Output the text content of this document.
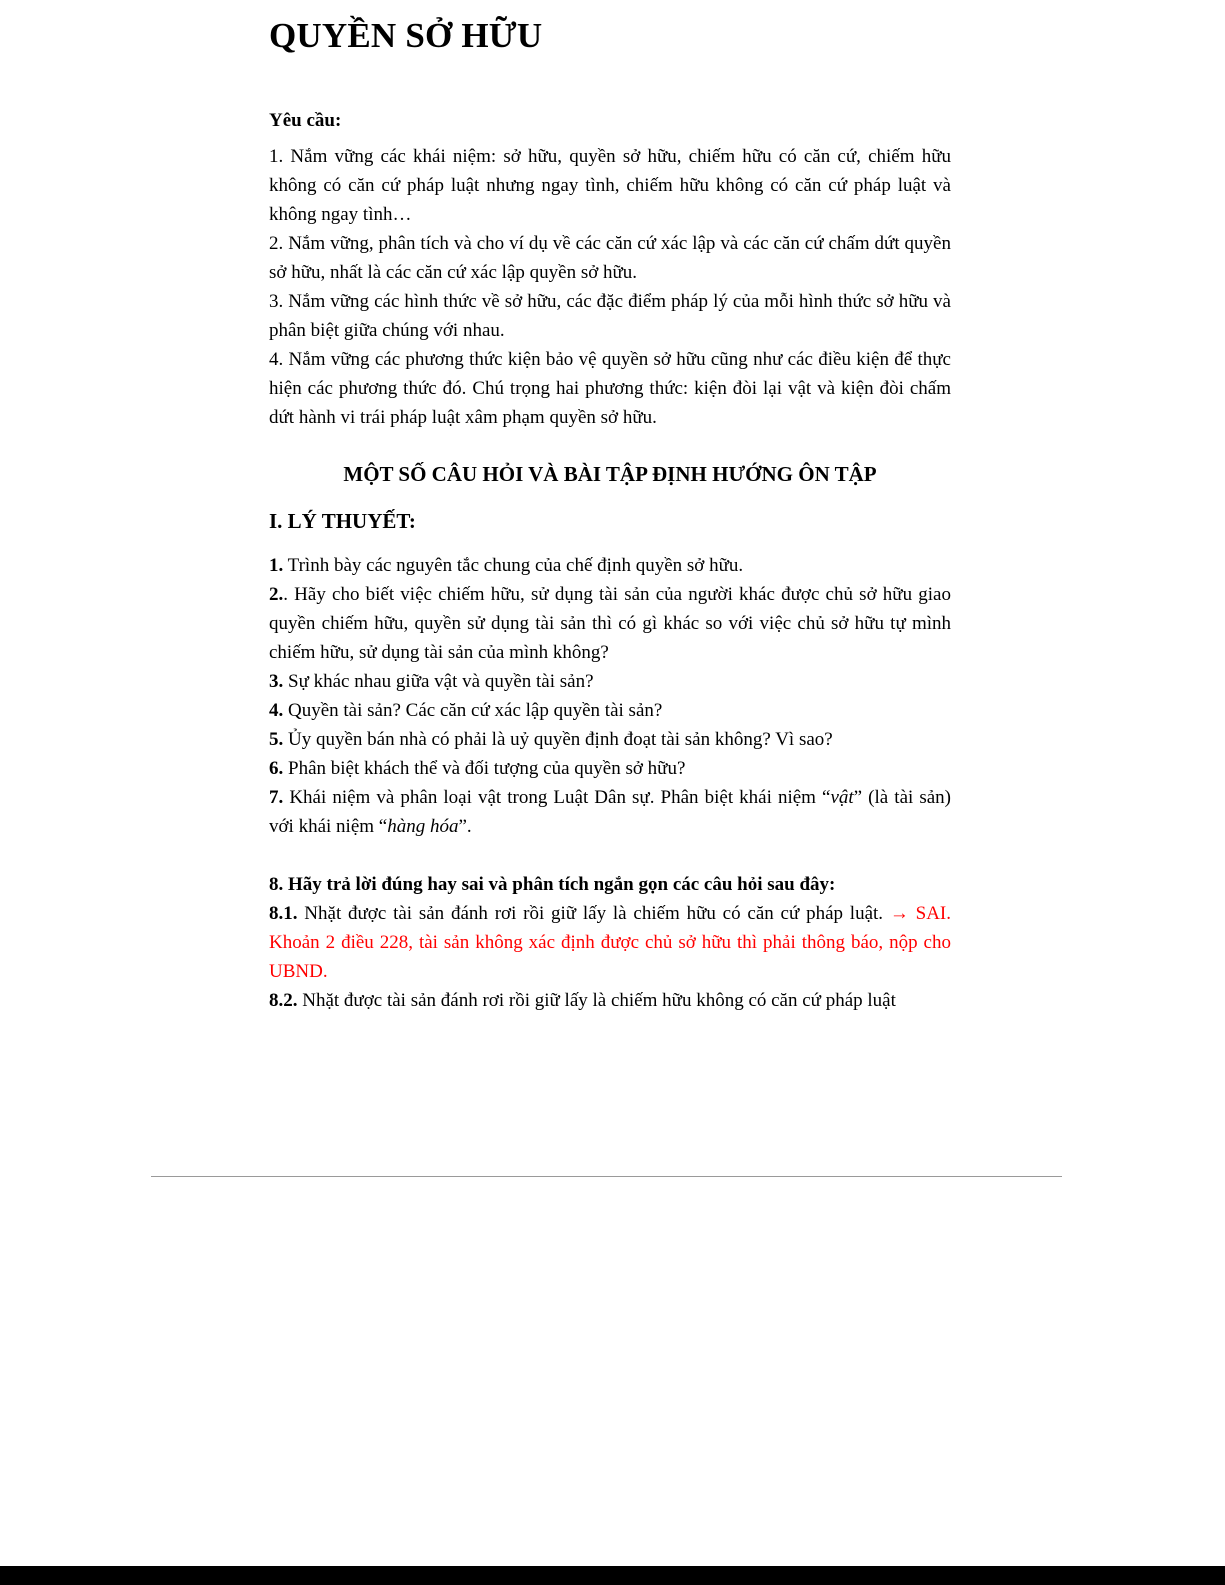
QUYỀN SỞ HỮU
Yêu cầu:

1. Nắm vững các khái niệm: sở hữu, quyền sở hữu, chiếm hữu có căn cứ, chiếm hữu không có căn cứ pháp luật nhưng ngay tình, chiếm hữu không có căn cứ pháp luật và không ngay tình…

2. Nắm vững, phân tích và cho ví dụ về các căn cứ xác lập và các căn cứ chấm dứt quyền sở hữu, nhất là các căn cứ xác lập quyền sở hữu.

3. Nắm vững các hình thức về sở hữu, các đặc điểm pháp lý của mỗi hình thức sở hữu và phân biệt giữa chúng với nhau.

4. Nắm vững các phương thức kiện bảo vệ quyền sở hữu cũng như các điều kiện để thực hiện các phương thức đó. Chú trọng hai phương thức: kiện đòi lại vật và kiện đòi chấm dứt hành vi trái pháp luật xâm phạm quyền sở hữu.

MỘT SỐ CÂU HỎI VÀ BÀI TẬP ĐỊNH HƯỚNG ÔN TẬP
I. LÝ THUYẾT:

1. Trình bày các nguyên tắc chung của chế định quyền sở hữu.

2.. Hãy cho biết việc chiếm hữu, sử dụng tài sản của người khác được chủ sở hữu giao quyền chiếm hữu, quyền sử dụng tài sản thì có gì khác so với việc chủ sở hữu tự mình chiếm hữu, sử dụng tài sản của mình không?

3. Sự khác nhau giữa vật và quyền tài sản?

4. Quyền tài sản? Các căn cứ xác lập quyền tài sản?

5. Ủy quyền bán nhà có phải là uỷ quyền định đoạt tài sản không? Vì sao?

6. Phân biệt khách thể và đối tượng của quyền sở hữu?

7. Khái niệm và phân loại vật trong Luật Dân sự. Phân biệt khái niệm “vật” (là tài sản) với khái niệm “hàng hóa”.

8. Hãy trả lời đúng hay sai và phân tích ngắn gọn các câu hỏi sau đây:

8.1. Nhặt được tài sản đánh rơi rồi giữ lấy là chiếm hữu có căn cứ pháp luật. → SAI. Khoản 2 điều 228, tài sản không xác định được chủ sở hữu thì phải thông báo, nộp cho UBND.

8.2. Nhặt được tài sản đánh rơi rồi giữ lấy là chiếm hữu không có căn cứ pháp luật
